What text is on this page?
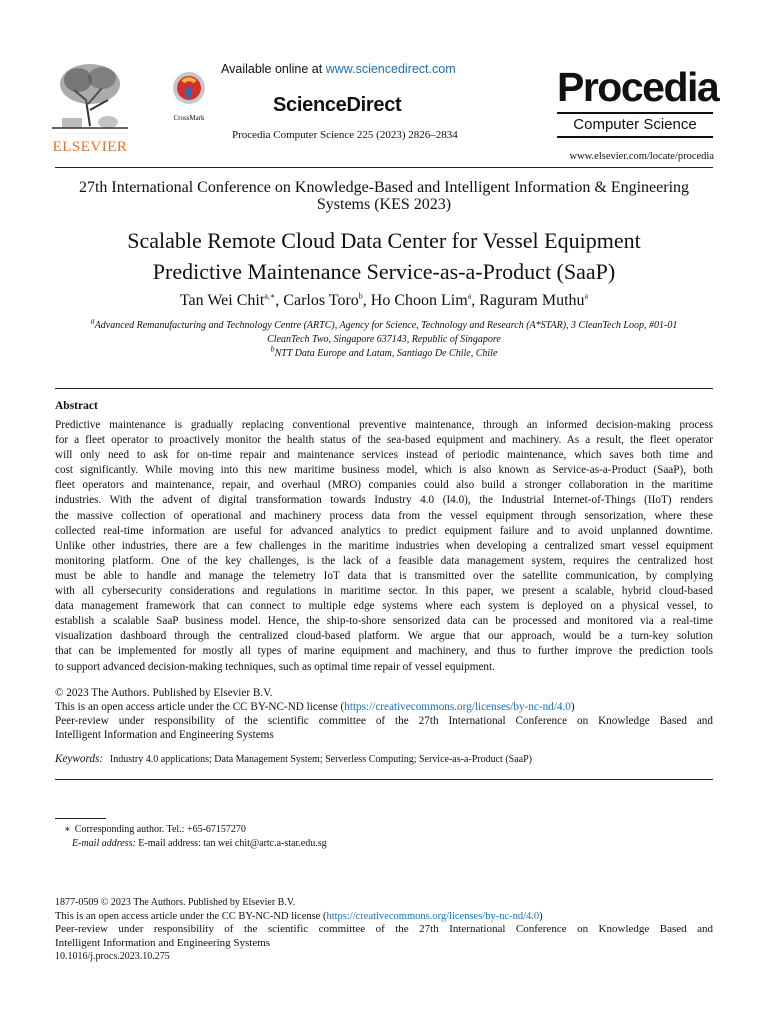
ELSEVIER
CrossMark
Available online at www.sciencedirect.com
ScienceDirect
Procedia Computer Science 225 (2023) 2826–2834
Procedia
Computer Science
www.elsevier.com/locate/procedia
27th International Conference on Knowledge-Based and Intelligent Information & Engineering Systems (KES 2023)
Scalable Remote Cloud Data Center for Vessel Equipment
Predictive Maintenance Service-as-a-Product (SaaP)
Tan Wei Chit$^{a,∗}$, Carlos Toro$^b$, Ho Choon Lim$^a$, Raguram Muthu$^a$
$^a$Advanced Remanufacturing and Technology Centre (ARTC), Agency for Science, Technology and Research (A*STAR), 3 CleanTech Loop, #01-01
CleanTech Two, Singapore 637143, Republic of Singapore
$^b$NTT Data Europe and Latam, Santiago De Chile, Chile
Abstract
Predictive maintenance is gradually replacing conventional preventive maintenance, through an informed decision-making process
for a fleet operator to proactively monitor the health status of the sea-based equipment and machinery. As a result, the fleet operator
will only need to ask for on-time repair and maintenance services instead of periodic maintenance, which saves both time and
cost significantly. While moving into this new maritime business model, which is also known as Service-as-a-Product (SaaP), both
fleet operators and maintenance, repair, and overhaul (MRO) companies could also build a stronger collaboration in the maritime
industries. With the advent of digital transformation towards Industry 4.0 (I4.0), the Industrial Internet-of-Things (IIoT) renders
the massive collection of operational and machinery process data from the vessel equipment through sensorization, where these
collected real-time information are useful for advanced analytics to predict equipment failure and to avoid unplanned downtime.
Unlike other industries, there are a few challenges in the maritime industries when developing a centralized smart vessel equipment
monitoring platform. One of the key challenges, is the lack of a feasible data management system, requires the centralized host
must be able to handle and manage the telemetry IoT data that is transmitted over the satellite communication, by complying
with all cybersecurity considerations and regulations in maritime sector. In this paper, we present a scalable, hybrid cloud-based
data management framework that can connect to multiple edge systems where each system is deployed on a physical vessel, to
establish a scalable SaaP business model. Hence, the ship-to-shore sensorized data can be processed and monitored via a real-time
visualization dashboard through the centralized cloud-based platform. We argue that our approach, would be a turn-key solution
that can be implemented for mostly all types of marine equipment and machinery, and thus to further improve the prediction tools
to support advanced decision-making techniques, such as optimal time repair of vessel equipment.
© 2023 The Authors. Published by Elsevier B.V.
This is an open access article under the CC BY-NC-ND license (https://creativecommons.org/licenses/by-nc-nd/4.0)
Peer-review under responsibility of the scientific committee of the 27th International Conference on Knowledge Based and
Intelligent Information and Engineering Systems
Keywords: Industry 4.0 applications; Data Management System; Serverless Computing; Service-as-a-Product (SaaP)
∗ Corresponding author. Tel.: +65-67157270
E-mail address: E-mail address: tan wei chit@artc.a-star.edu.sg
1877-0509 © 2023 The Authors. Published by Elsevier B.V.
This is an open access article under the CC BY-NC-ND license (https://creativecommons.org/licenses/by-nc-nd/4.0)
Peer-review under responsibility of the scientific committee of the 27th International Conference on Knowledge Based and
Intelligent Information and Engineering Systems
10.1016/j.procs.2023.10.275
